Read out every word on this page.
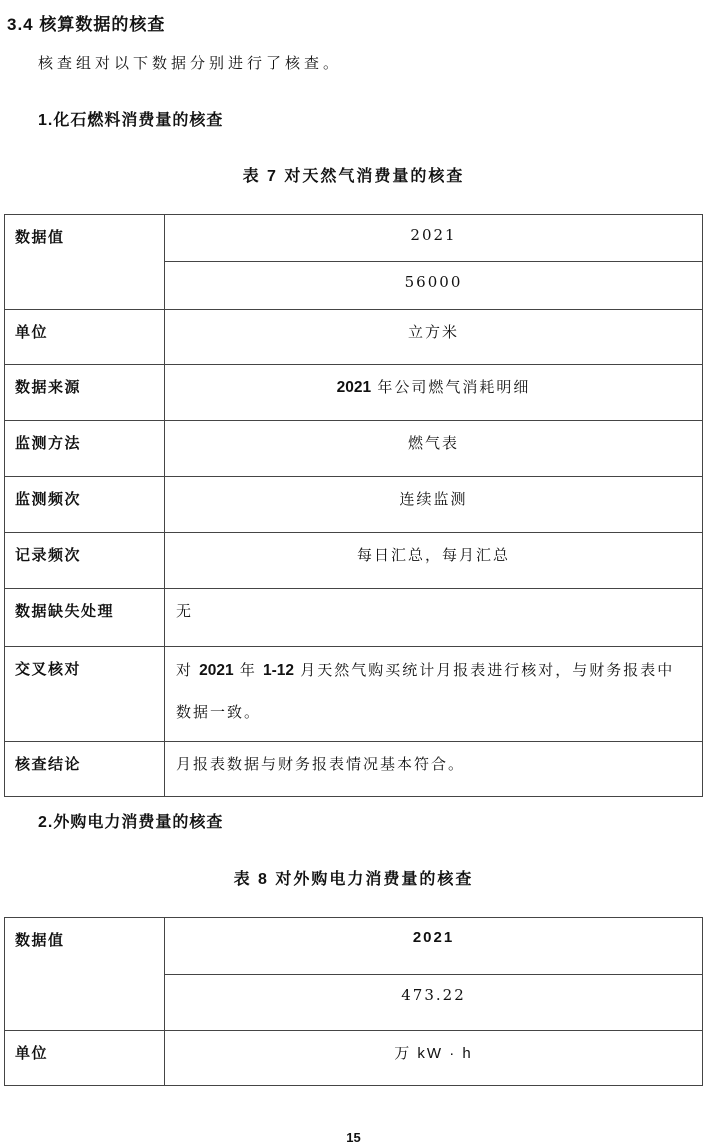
3.4 核算数据的核查
核查组对以下数据分别进行了核查。
1.化石燃料消费量的核查
表 7 对天然气消费量的核查
数据值	2021
	56000
单位	立方米
数据来源	2021 年公司燃气消耗明细
监测方法	燃气表
监测频次	连续监测
记录频次	每日汇总，每月汇总
数据缺失处理	无
交叉核对	对 2021 年 1-12 月天然气购买统计月报表进行核对，与财务报表中数据一致。
核查结论	月报表数据与财务报表情况基本符合。
2.外购电力消费量的核查
表 8 对外购电力消费量的核查
数据值	2021
	473.22
单位	万 kW · h
15
